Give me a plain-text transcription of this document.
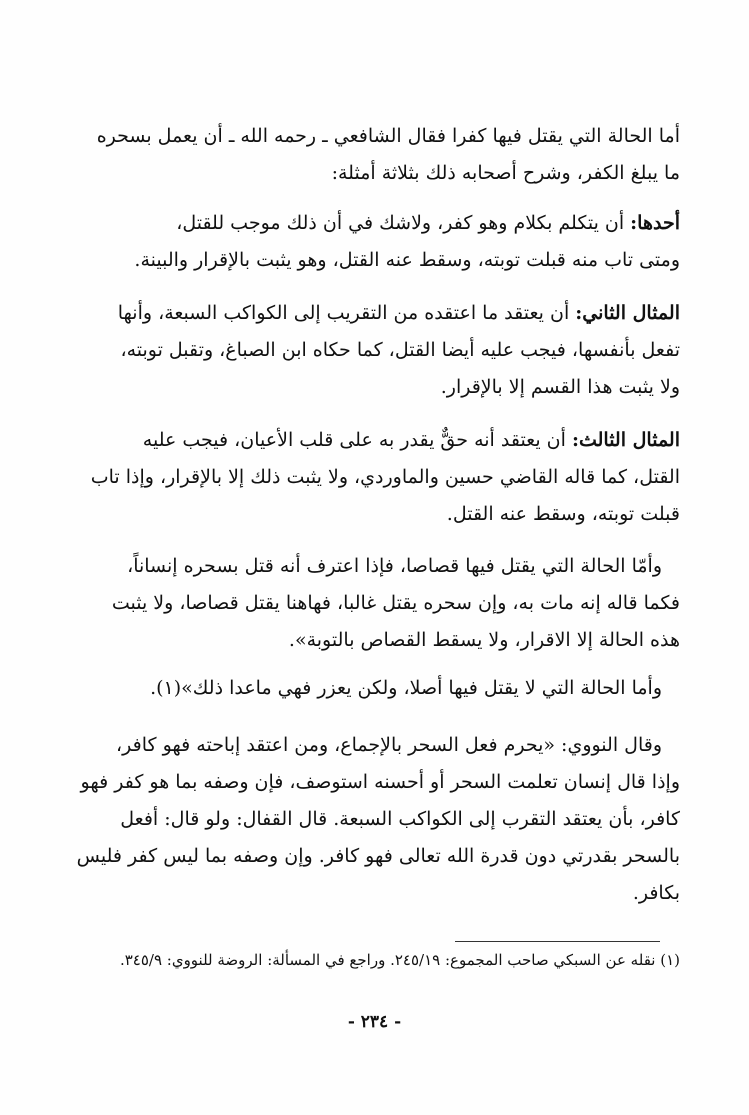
أما الحالة التي يقتل فيها كفرا فقال الشافعي ـ رحمه الله ـ أن يعمل بسحره
ما يبلغ الكفر، وشرح أصحابه ذلك بثلاثة أمثلة:
أحدها: أن يتكلم بكلام وهو كفر، ولاشك في أن ذلك موجب للقتل،
ومتى تاب منه قبلت توبته، وسقط عنه القتل، وهو يثبت بالإقرار والبينة.
المثال الثاني: أن يعتقد ما اعتقده من التقريب إلى الكواكب السبعة، وأنها
تفعل بأنفسها، فيجب عليه أيضا القتل، كما حكاه ابن الصباغ، وتقبل توبته،
ولا يثبت هذا القسم إلا بالإقرار.
المثال الثالث: أن يعتقد أنه حقٌّ يقدر به على قلب الأعيان، فيجب عليه
القتل، كما قاله القاضي حسين والماوردي، ولا يثبت ذلك إلا بالإقرار، وإذا تاب
قبلت توبته، وسقط عنه القتل.
وأمّا الحالة التي يقتل فيها قصاصا، فإذا اعترف أنه قتل بسحره إنساناً،
فكما قاله إنه مات به، وإن سحره يقتل غالبا، فهاهنا يقتل قصاصا، ولا يثبت
هذه الحالة إلا الاقرار، ولا يسقط القصاص بالتوبة».
وأما الحالة التي لا يقتل فيها أصلا، ولكن يعزر فهي ماعدا ذلك»(١).
وقال النووي: «يحرم فعل السحر بالإجماع، ومن اعتقد إباحته فهو كافر،
وإذا قال إنسان تعلمت السحر أو أحسنه استوصف، فإن وصفه بما هو كفر فهو
كافر، بأن يعتقد التقرب إلى الكواكب السبعة. قال القفال: ولو قال: أفعل
بالسحر بقدرتي دون قدرة الله تعالى فهو كافر. وإن وصفه بما ليس كفر فليس
بكافر.
(١) نقله عن السبكي صاحب المجموع: ٢٤٥/١٩. وراجع في المسألة: الروضة للنووي: ٣٤٥/٩.
- ٢٣٤ -
